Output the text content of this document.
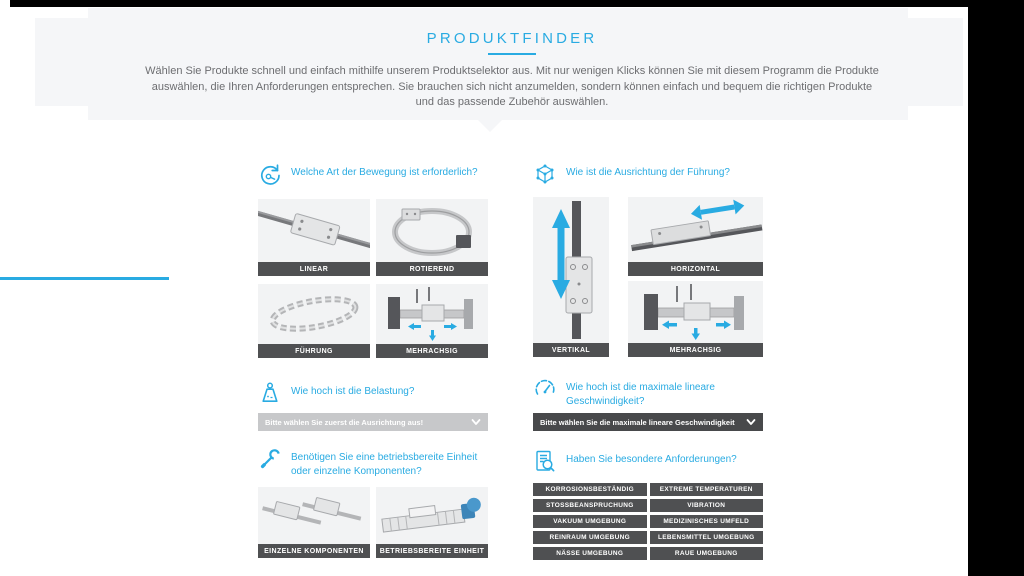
PRODUKTFINDER
Wählen Sie Produkte schnell und einfach mithilfe unserem Produktselektor aus. Mit nur wenigen Klicks können Sie mit diesem Programm die Produkte auswählen, die Ihren Anforderungen entsprechen. Sie brauchen sich nicht anzumelden, sondern können einfach und bequem die richtigen Produkte und das passende Zubehör auswählen.
Welche Art der Bewegung ist erforderlich?
LINEAR	ROTIEREND
FÜHRUNG	MEHRACHSIG
Wie ist die Ausrichtung der Führung?
VERTIKAL
HORIZONTAL
MEHRACHSIG
Wie hoch ist die Belastung?
Bitte wählen Sie zuerst die Ausrichtung aus!
Wie hoch ist die maximale lineare Geschwindigkeit?
Bitte wählen Sie die maximale lineare Geschwindigkeit
Benötigen Sie eine betriebsbereite Einheit oder einzelne Komponenten?
EINZELNE KOMPONENTEN	BETRIEBSBEREITE EINHEIT
Haben Sie besondere Anforderungen?
KORROSIONSBESTÄNDIG	EXTREME TEMPERATUREN
STOSSBEANSPRUCHUNG	VIBRATION
VAKUUM UMGEBUNG	MEDIZINISCHES UMFELD
REINRAUM UMGEBUNG	LEBENSMITTEL UMGEBUNG
NÄSSE UMGEBUNG	RAUE UMGEBUNG
